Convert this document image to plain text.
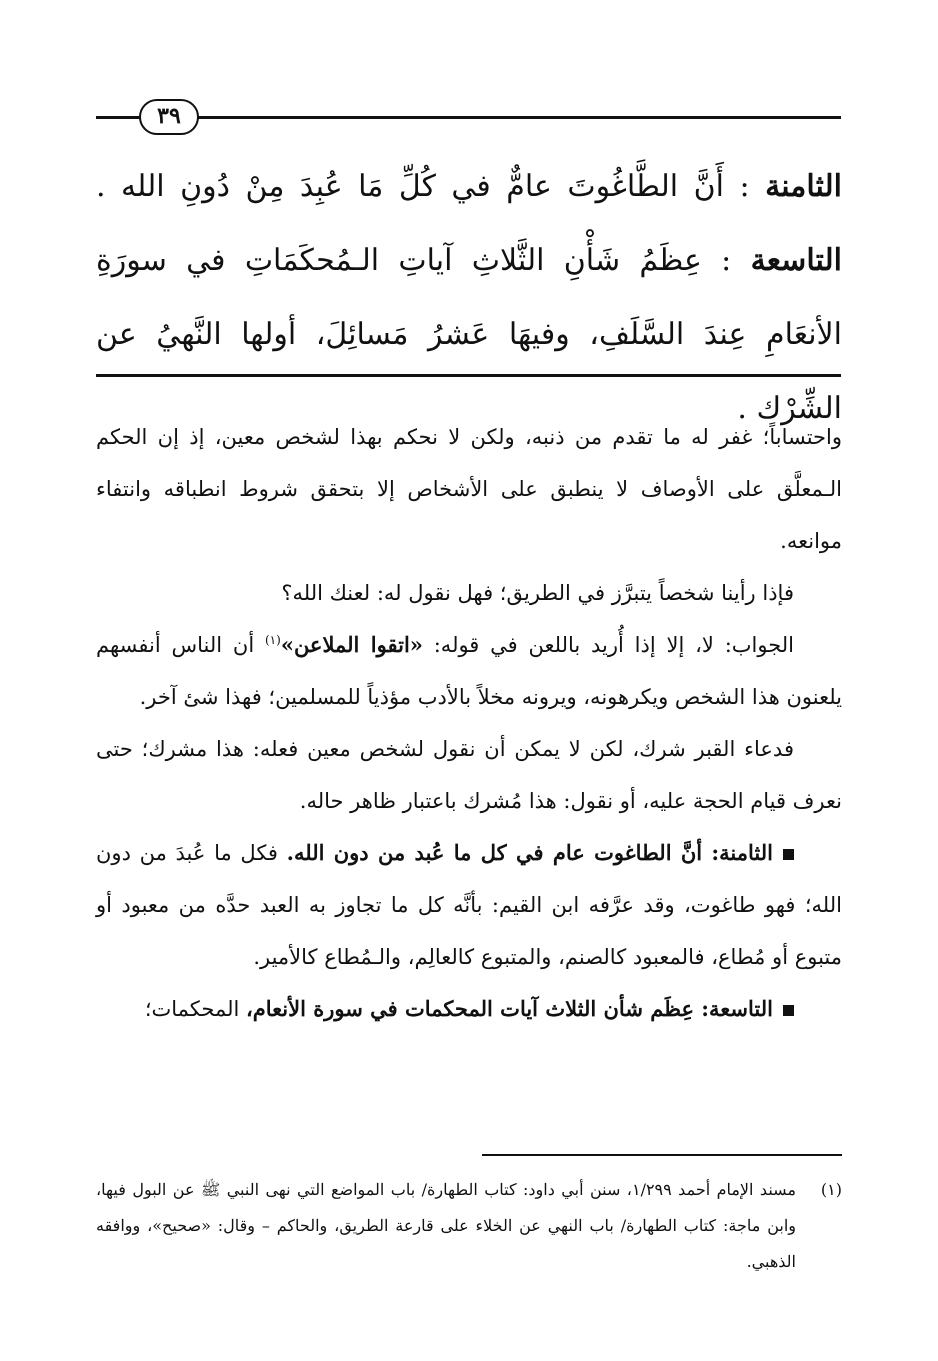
٣٩
الثامنة : أَنَّ الطَّاغُوتَ عامٌّ في كُلِّ مَا عُبِدَ مِنْ دُونِ الله . التاسعة : عِظَمُ شَأْنِ الثَّلاثِ آياتِ الـمُحكَمَاتِ في سورَةِ الأنعَامِ عِندَ السَّلَفِ، وفيهَا عَشرُ مَسائِلَ، أولها النَّهيُ عن الشِّرْك .

واحتساباً؛ غفر له ما تقدم من ذنبه، ولكن لا نحكم بهذا لشخص معين، إذ إن الحكم الـمعلَّق على الأوصاف لا ينطبق على الأشخاص إلا بتحقق شروط انطباقه وانتفاء موانعه.

فإذا رأينا شخصاً يتبرَّز في الطريق؛ فهل نقول له: لعنك الله؟

الجواب: لا، إلا إذا أُريد باللعن في قوله: «اتقوا الملاعن»$^{(١)}$ أن الناس أنفسهم يلعنون هذا الشخص ويكرهونه، ويرونه مخلاً بالأدب مؤذياً للمسلمين؛ فهذا شئ آخر.

فدعاء القبر شرك، لكن لا يمكن أن نقول لشخص معين فعله: هذا مشرك؛ حتى نعرف قيام الحجة عليه، أو نقول: هذا مُشرك باعتبار ظاهر حاله.

الثامنة: أنَّ الطاغوت عام في كل ما عُبد من دون الله. فكل ما عُبدَ من دون الله؛ فهو طاغوت، وقد عرَّفه ابن القيم: بأنَّه كل ما تجاوز به العبد حدَّه من معبود أو متبوع أو مُطاع، فالمعبود كالصنم، والمتبوع كالعالِم، والـمُطاع كالأمير.

التاسعة: عِظَم شأن الثلاث آيات المحكمات في سورة الأنعام، المحكمات؛

(١)
مسند الإمام أحمد ١/٢٩٩، سنن أبي داود: كتاب الطهارة/ باب المواضع التي نهى النبي ﷺ عن البول فيها، وابن ماجة: كتاب الطهارة/ باب النهي عن الخلاء على قارعة الطريق، والحاكم – وقال: «صحيح»، ووافقه الذهبي.
